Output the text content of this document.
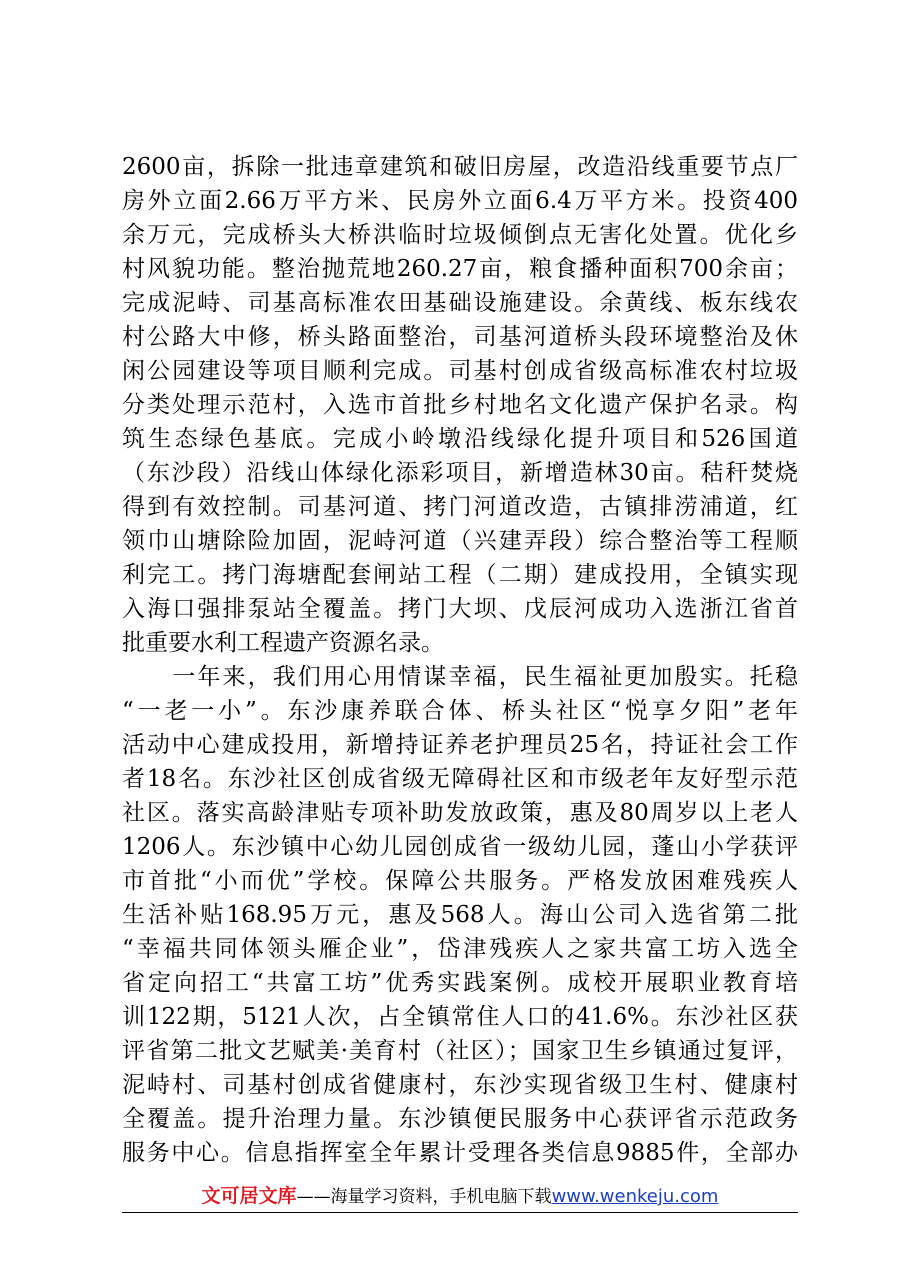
2600亩，拆除一批违章建筑和破旧房屋，改造沿线重要节点厂
房外立面2.66万平方米、民房外立面6.4万平方米。投资400
余万元，完成桥头大桥洪临时垃圾倾倒点无害化处置。优化乡
村风貌功能。整治抛荒地260.27亩，粮食播种面积700余亩；
完成泥峙、司基高标准农田基础设施建设。余黄线、板东线农
村公路大中修，桥头路面整治，司基河道桥头段环境整治及休
闲公园建设等项目顺利完成。司基村创成省级高标准农村垃圾
分类处理示范村，入选市首批乡村地名文化遗产保护名录。构
筑生态绿色基底。完成小岭墩沿线绿化提升项目和526国道
（东沙段）沿线山体绿化添彩项目，新增造林30亩。秸秆焚烧
得到有效控制。司基河道、拷门河道改造，古镇排涝浦道，红
领巾山塘除险加固，泥峙河道（兴建弄段）综合整治等工程顺
利完工。拷门海塘配套闸站工程（二期）建成投用，全镇实现
入海口强排泵站全覆盖。拷门大坝、戊辰河成功入选浙江省首
批重要水利工程遗产资源名录。
　　一年来，我们用心用情谋幸福，民生福祉更加殷实。托稳
“一老一小”。东沙康养联合体、桥头社区“悦享夕阳”老年
活动中心建成投用，新增持证养老护理员25名，持证社会工作
者18名。东沙社区创成省级无障碍社区和市级老年友好型示范
社区。落实高龄津贴专项补助发放政策，惠及80周岁以上老人
1206人。东沙镇中心幼儿园创成省一级幼儿园，蓬山小学获评
市首批“小而优”学校。保障公共服务。严格发放困难残疾人
生活补贴168.95万元，惠及568人。海山公司入选省第二批
“幸福共同体领头雁企业”，岱津残疾人之家共富工坊入选全
省定向招工“共富工坊”优秀实践案例。成校开展职业教育培
训122期，5121人次，占全镇常住人口的41.6%。东沙社区获
评省第二批文艺赋美·美育村（社区）；国家卫生乡镇通过复评，
泥峙村、司基村创成省健康村，东沙实现省级卫生村、健康村
全覆盖。提升治理力量。东沙镇便民服务中心获评省示范政务
服务中心。信息指挥室全年累计受理各类信息9885件，全部办
文可居文库——海量学习资料，手机电脑下载www.wenkeju.com
